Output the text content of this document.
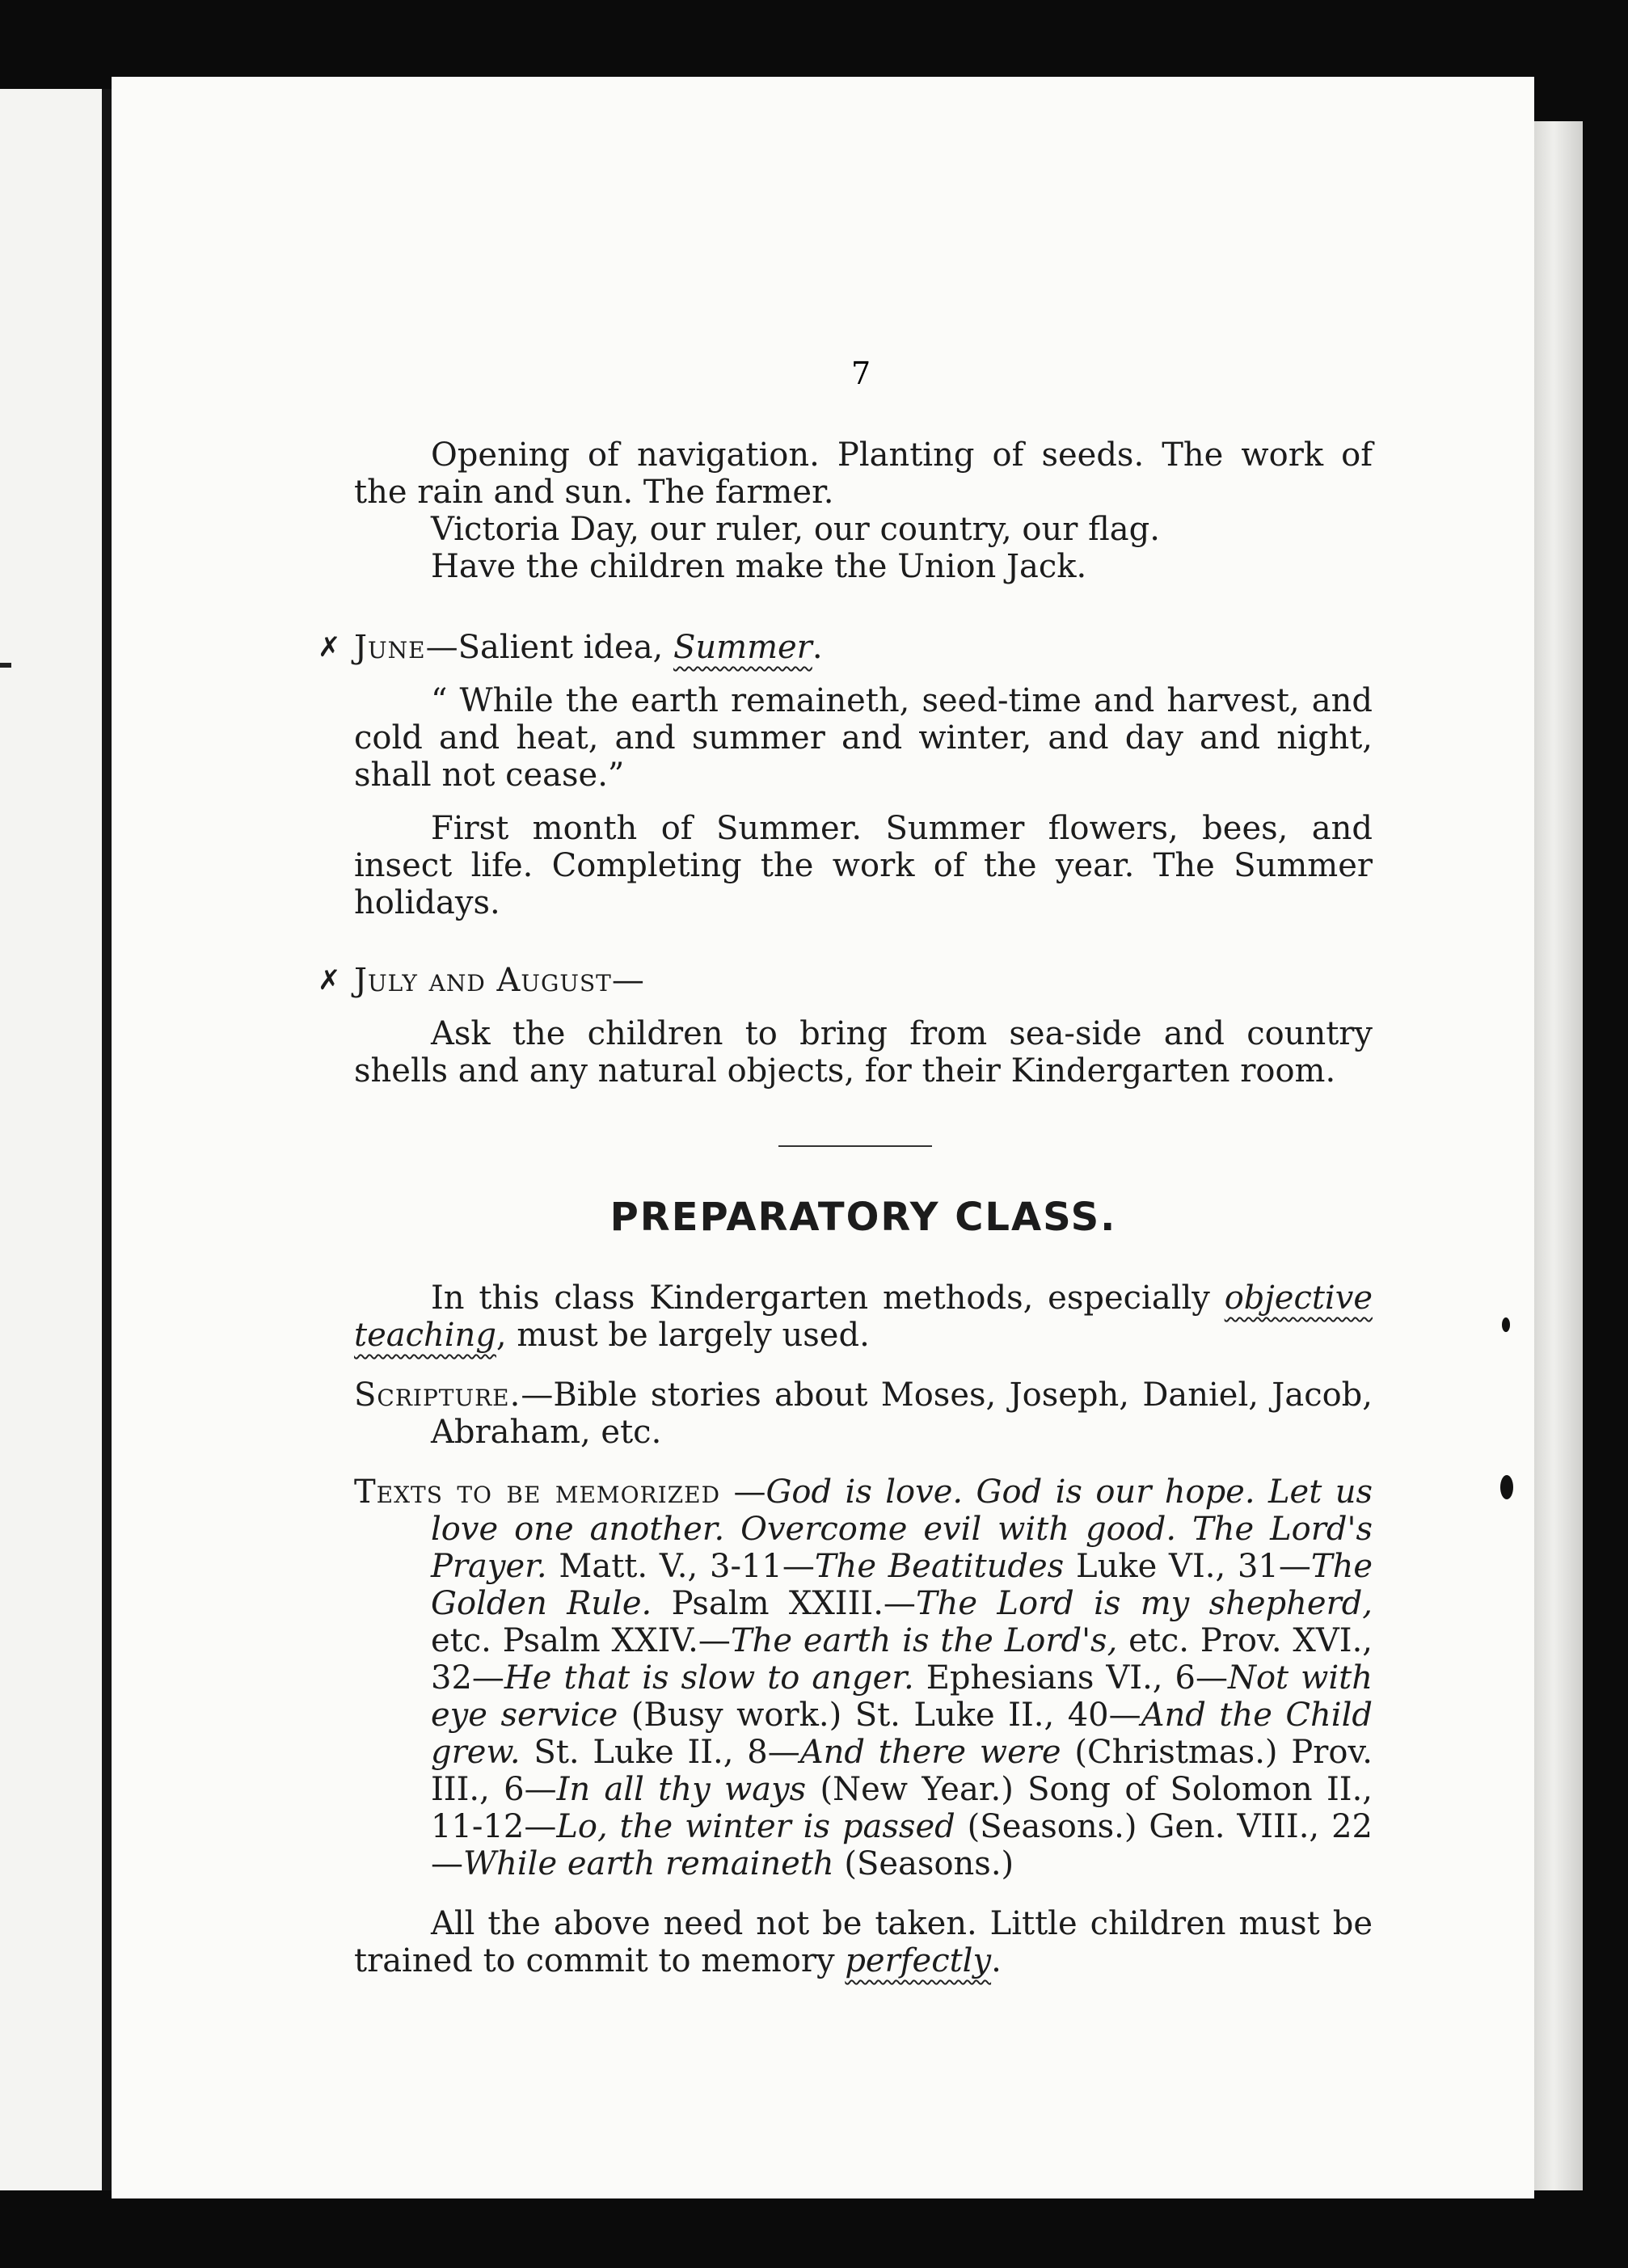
7

Opening of navigation. Planting of seeds. The work of the rain and sun. The farmer.

Victoria Day, our ruler, our country, our flag.

Have the children make the Union Jack.

✗ June—Salient idea, Summer.

“ While the earth remaineth, seed-time and harvest, and cold and heat, and summer and winter, and day and night, shall not cease.”

First month of Summer. Summer flowers, bees, and insect life. Completing the work of the year. The Summer holidays.

✗ July and August—

Ask the children to bring from sea-side and country shells and any natural objects, for their Kindergarten room.

PREPARATORY CLASS.

In this class Kindergarten methods, especially objective teaching, must be largely used.

Scripture.—Bible stories about Moses, Joseph, Daniel, Jacob, Abraham, etc.

Texts to be memorized —God is love. God is our hope. Let us love one another. Overcome evil with good. The Lord's Prayer. Matt. V., 3-11—The Beatitudes Luke VI., 31—The Golden Rule. Psalm XXIII.—The Lord is my shepherd, etc. Psalm XXIV.—The earth is the Lord's, etc. Prov. XVI., 32—He that is slow to anger. Ephesians VI., 6—Not with eye service (Busy work.) St. Luke II., 40—And the Child grew. St. Luke II., 8—And there were (Christmas.) Prov. III., 6—In all thy ways (New Year.) Song of Solomon II., 11-12—Lo, the winter is passed (Seasons.) Gen. VIII., 22—While earth remaineth (Seasons.)

All the above need not be taken. Little children must be trained to commit to memory perfectly.
